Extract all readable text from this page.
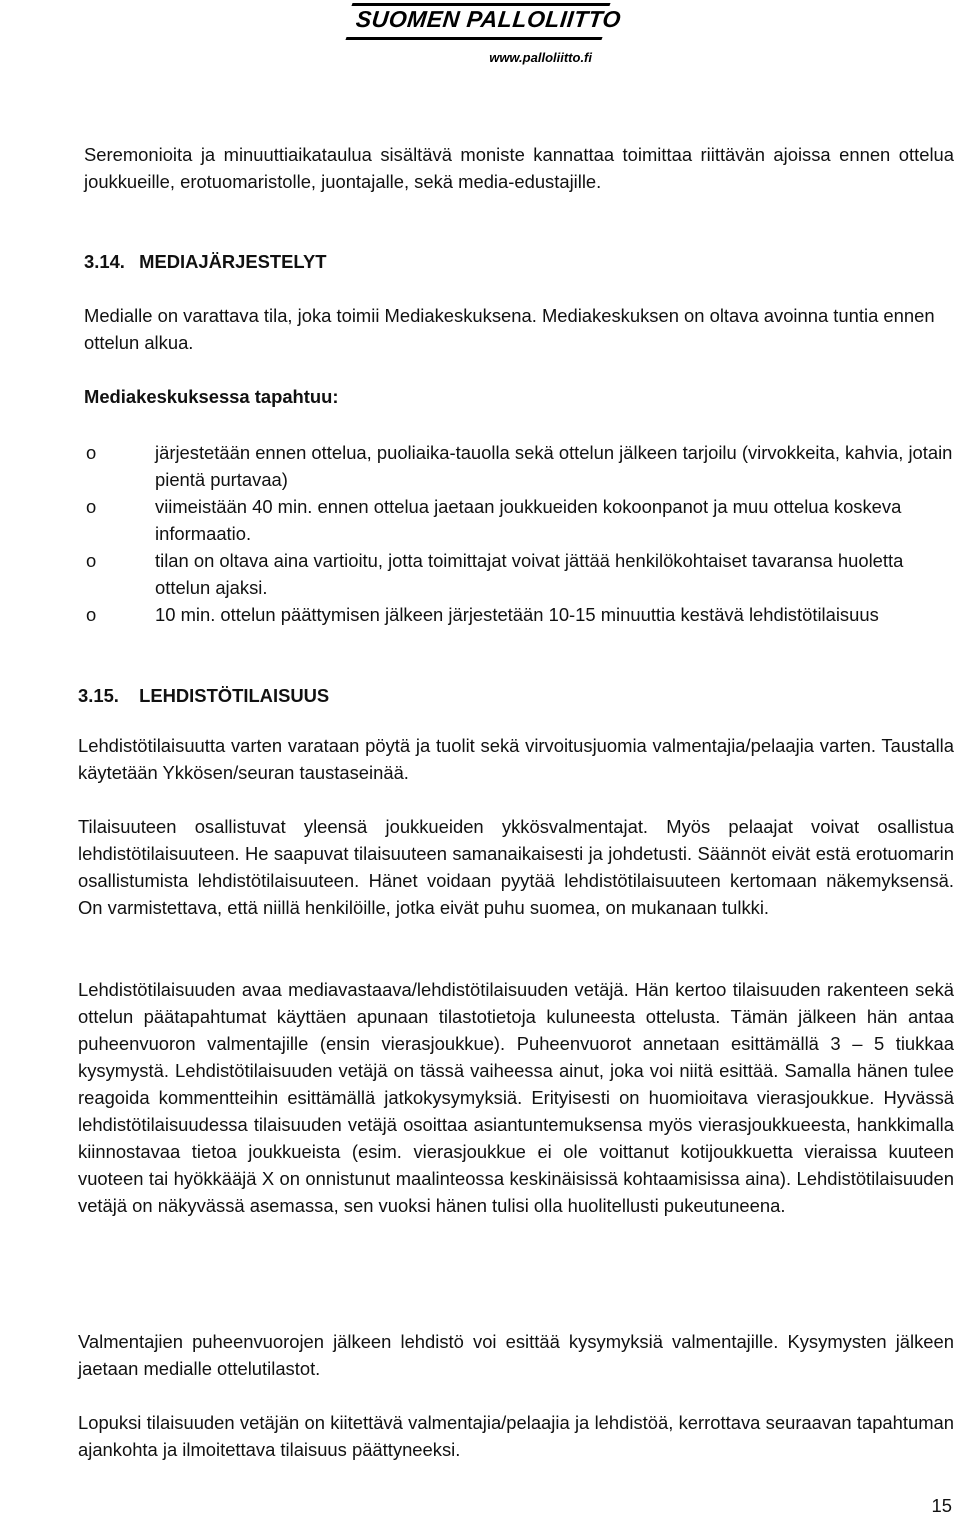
SUOMEN PALLOLIITTO
www.palloliitto.fi

Seremonioita ja minuuttiaikataulua sisältävä moniste kannattaa toimittaa riittävän ajoissa ennen ottelua joukkueille, erotuomaristolle, juontajalle, sekä media-edustajille.

3.14. MEDIAJÄRJESTELYT

Medialle on varattava tila, joka toimii Mediakeskuksena. Mediakeskuksen on oltava avoinna tuntia ennen ottelun alkua.

Mediakeskuksessa tapahtuu:

o	järjestetään ennen ottelua, puoliaika-tauolla sekä ottelun jälkeen tarjoilu (virvokkeita, kahvia, jotain pientä purtavaa)
o	viimeistään 40 min. ennen ottelua jaetaan joukkueiden kokoonpanot ja muu ottelua koskeva informaatio.
o	tilan on oltava aina vartioitu, jotta toimittajat voivat jättää henkilökohtaiset tavaransa huoletta ottelun ajaksi.
o	10 min. ottelun päättymisen jälkeen järjestetään 10-15 minuuttia kestävä lehdistötilaisuus
3.15. LEHDISTÖTILAISUUS

Lehdistötilaisuutta varten varataan pöytä ja tuolit sekä virvoitusjuomia valmentajia/pelaajia varten. Taustalla käytetään Ykkösen/seuran taustaseinää.

Tilaisuuteen osallistuvat yleensä joukkueiden ykkösvalmentajat. Myös pelaajat voivat osallistua lehdistötilaisuuteen. He saapuvat tilaisuuteen samanaikaisesti ja johdetusti. Säännöt eivät estä erotuomarin osallistumista lehdistötilaisuuteen. Hänet voidaan pyytää lehdistötilaisuuteen kertomaan näkemyksensä. On varmistettava, että niillä henkilöille, jotka eivät puhu suomea, on mukanaan tulkki.

Lehdistötilaisuuden avaa mediavastaava/lehdistötilaisuuden vetäjä. Hän kertoo tilaisuuden rakenteen sekä ottelun päätapahtumat käyttäen apunaan tilastotietoja kuluneesta ottelusta. Tämän jälkeen hän antaa puheenvuoron valmentajille (ensin vierasjoukkue). Puheenvuorot annetaan esittämällä 3 – 5 tiukkaa kysymystä. Lehdistötilaisuuden vetäjä on tässä vaiheessa ainut, joka voi niitä esittää. Samalla hänen tulee reagoida kommentteihin esittämällä jatkokysymyksiä. Erityisesti on huomioitava vierasjoukkue. Hyvässä lehdistötilaisuudessa tilaisuuden vetäjä osoittaa asiantuntemuksensa myös vierasjoukkueesta, hankkimalla kiinnostavaa tietoa joukkueista (esim. vierasjoukkue ei ole voittanut kotijoukkuetta vieraissa kuuteen vuoteen tai hyökkääjä X on onnistunut maalinteossa keskinäisissä kohtaamisissa aina). Lehdistötilaisuuden vetäjä on näkyvässä asemassa, sen vuoksi hänen tulisi olla huolitellusti pukeutuneena.

Valmentajien puheenvuorojen jälkeen lehdistö voi esittää kysymyksiä valmentajille. Kysymysten jälkeen jaetaan medialle ottelutilastot.

Lopuksi tilaisuuden vetäjän on kiitettävä valmentajia/pelaajia ja lehdistöä, kerrottava seuraavan tapahtuman ajankohta ja ilmoitettava tilaisuus päättyneeksi.

15
